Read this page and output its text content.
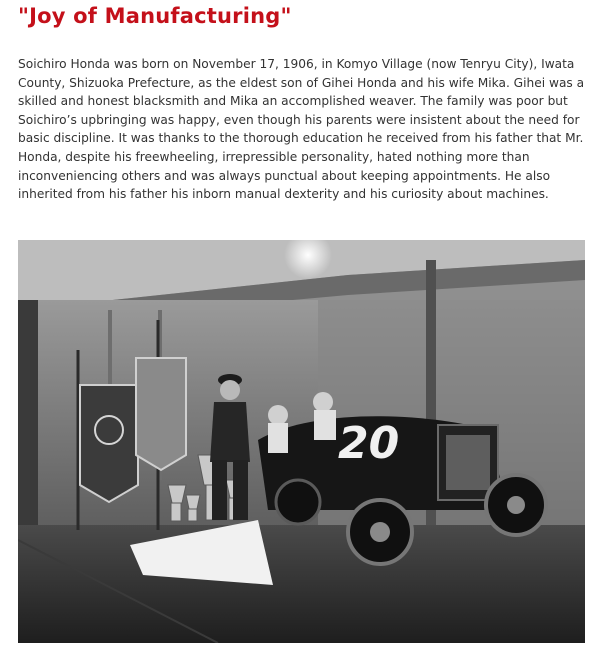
"Joy of Manufacturing"

Soichiro Honda was born on November 17, 1906, in Komyo Village (now Tenryu City), Iwata County, Shizuoka Prefecture, as the eldest son of Gihei Honda and his wife Mika. Gihei was a skilled and honest blacksmith and Mika an accomplished weaver. The family was poor but Soichiro’s upbringing was happy, even though his parents were insistent about the need for basic discipline. It was thanks to the thorough education he received from his father that Mr. Honda, despite his freewheeling, irrepressible personality, hated nothing more than inconveniencing others and was always punctual about keeping appointments. He also inherited from his father his inborn manual dexterity and his curiosity about machines.

20
